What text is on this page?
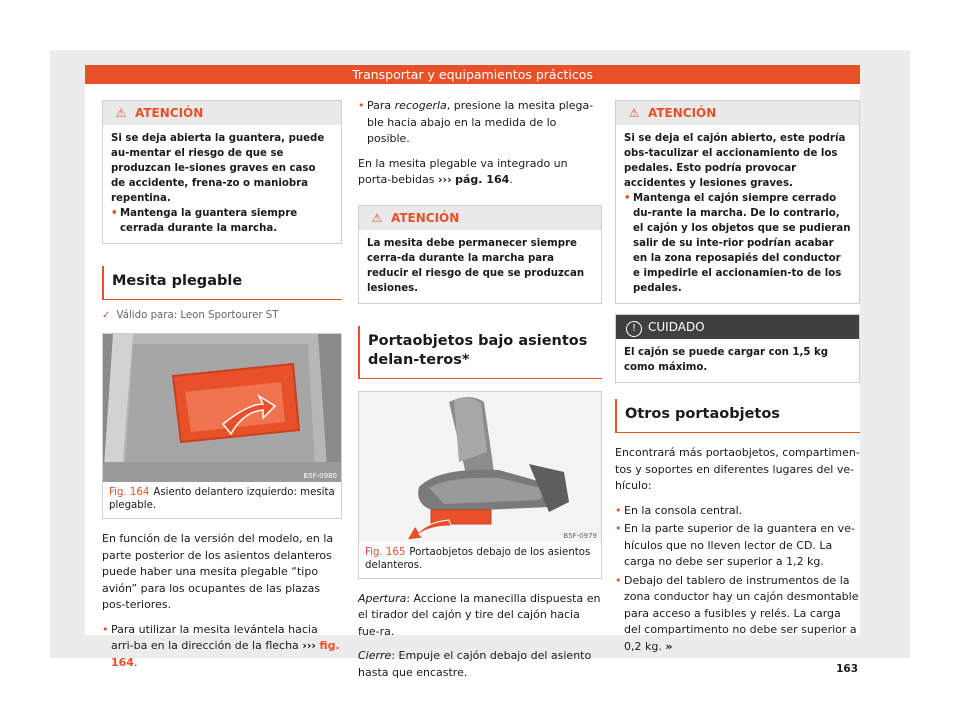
Transportar y equipamientos prácticos
⚠ ATENCIÓN
Si se deja abierta la guantera, puede au-mentar el riesgo de que se produzcan le-siones graves en caso de accidente, frena-zo o maniobra repentina.
• Mantenga la guantera siempre cerrada durante la marcha.
Mesita plegable
✓ Válido para: Leon Sportourer ST
B5F-0980
Fig. 164 Asiento delantero izquierdo: mesita plegable.
En función de la versión del modelo, en la parte posterior de los asientos delanteros puede haber una mesita plegable “tipo avión” para los ocupantes de las plazas pos-teriores.
• Para utilizar la mesita levántela hacia arri-ba en la dirección de la flecha ››› fig. 164.
• Para recogerla, presione la mesita plega-ble hacia abajo en la medida de lo posible.
En la mesita plegable va integrado un porta-bebidas ››› pág. 164.
⚠ ATENCIÓN
La mesita debe permanecer siempre cerra-da durante la marcha para reducir el riesgo de que se produzcan lesiones.
Portaobjetos bajo asientos delan-teros*
B5F-0979
Fig. 165 Portaobjetos debajo de los asientos delanteros.
Apertura: Accione la manecilla dispuesta en el tirador del cajón y tire del cajón hacia fue-ra.
Cierre: Empuje el cajón debajo del asiento hasta que encastre.
⚠ ATENCIÓN
Si se deja el cajón abierto, este podría obs-taculizar el accionamiento de los pedales. Esto podría provocar accidentes y lesiones graves.
• Mantenga el cajón siempre cerrado du-rante la marcha. De lo contrario, el cajón y los objetos que se pudieran salir de su inte-rior podrían acabar en la zona reposapiés del conductor e impedirle el accionamien-to de los pedales.
! CUIDADO
El cajón se puede cargar con 1,5 kg como máximo.
Otros portaobjetos
Encontrará más portaobjetos, compartimen-tos y soportes en diferentes lugares del ve-hículo:
• En la consola central.
• En la parte superior de la guantera en ve-hículos que no lleven lector de CD. La carga no debe ser superior a 1,2 kg.
• Debajo del tablero de instrumentos de la zona conductor hay un cajón desmontable para acceso a fusibles y relés. La carga del compartimento no debe ser superior a 0,2 kg. »
163
